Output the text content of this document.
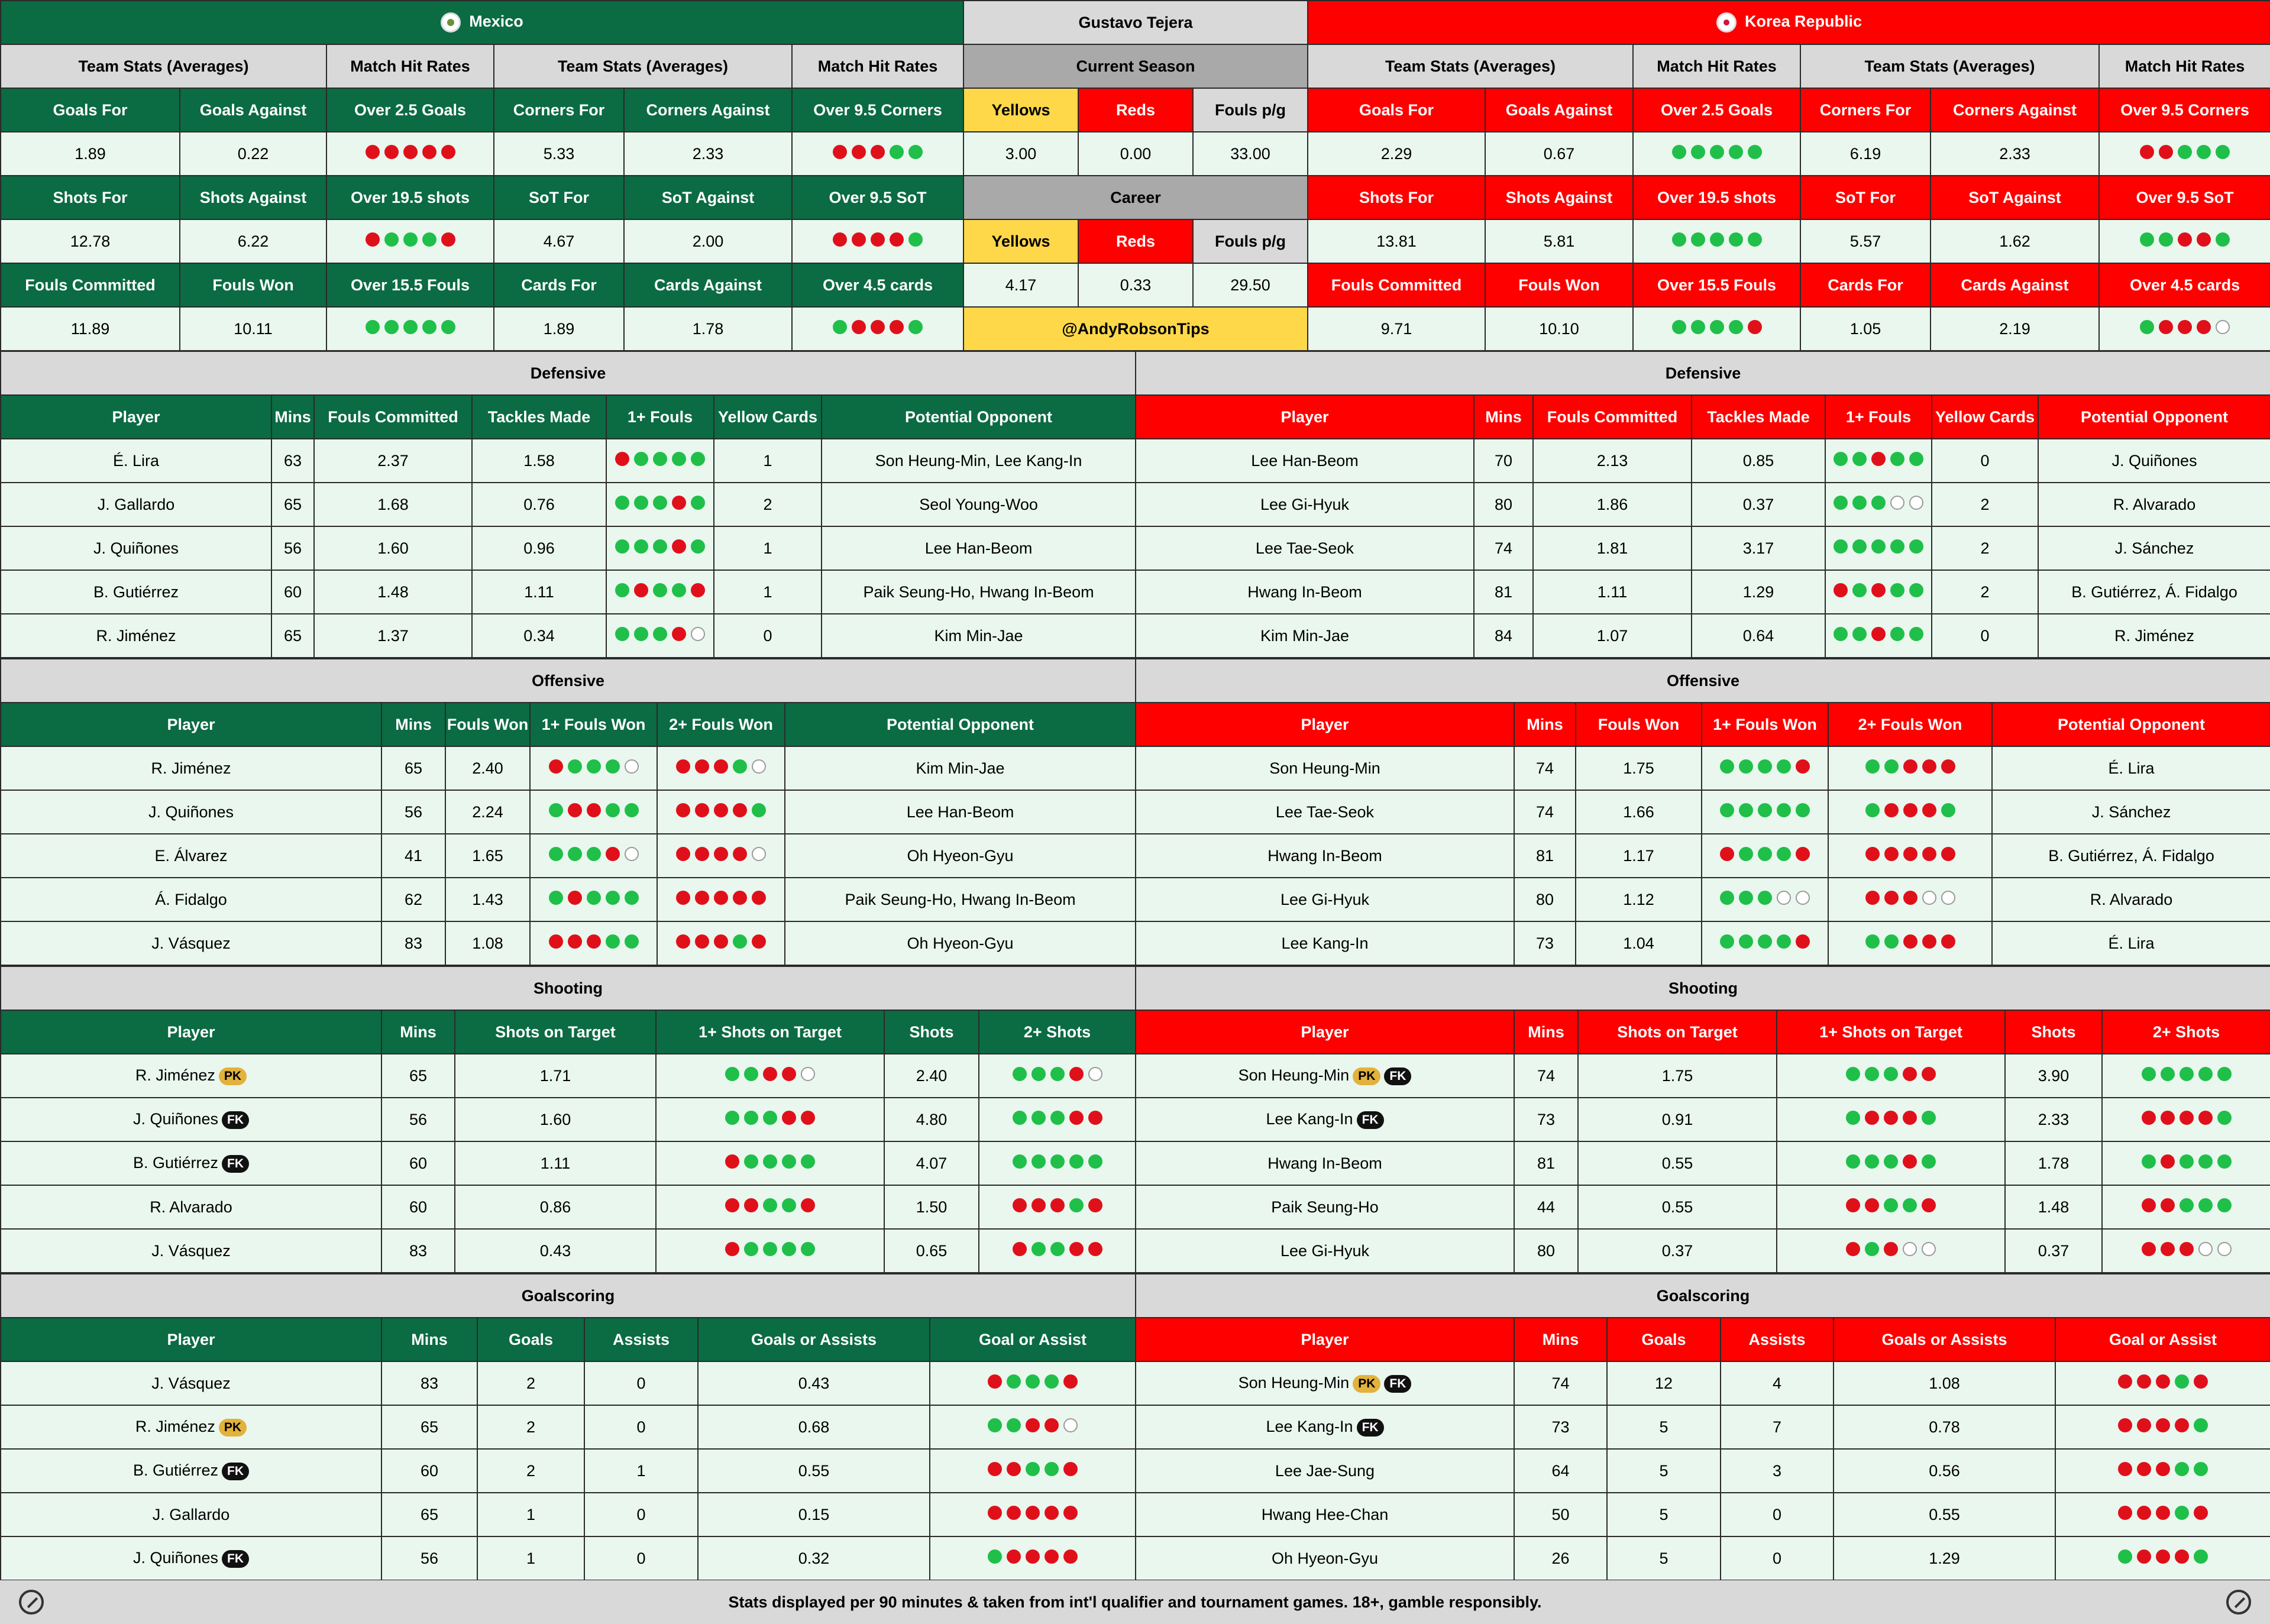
Mexico					
Team Stats (Averages)		Match Hit Rates	Team Stats (Averages)		Match Hit Rates
Goals For	Goals Against	Over 2.5 Goals	Corners For	Corners Against	Over 9.5 Corners
1.89	0.22		5.33	2.33	

Shots For	Shots Against	Over 19.5 shots	SoT For	SoT Against	Over 9.5 SoT
12.78	6.22		4.67	2.00	

Fouls Committed	Fouls Won	Over 15.5 Fouls	Cards For	Cards Against	Over 4.5 cards
11.89	10.11		1.89	1.78	
Gustavo Tejera		
Current Season		
Yellows	Reds	Fouls p/g
3.00	0.00	33.00
Career		
Yellows	Reds	Fouls p/g
4.17	0.33	29.50
@AndyRobsonTips		
Korea Republic					
Team Stats (Averages)		Match Hit Rates	Team Stats (Averages)		Match Hit Rates
Goals For	Goals Against	Over 2.5 Goals	Corners For	Corners Against	Over 9.5 Corners
2.29	0.67		6.19	2.33	

Shots For	Shots Against	Over 19.5 shots	SoT For	SoT Against	Over 9.5 SoT
13.81	5.81		5.57	1.62	

Fouls Committed	Fouls Won	Over 15.5 Fouls	Cards For	Cards Against	Over 4.5 cards
9.71	10.10		1.05	2.19	
Defensive						
Player	Mins	Fouls Committed	Tackles Made	1+ Fouls	Yellow Cards	Potential Opponent
É. Lira	63	2.37	1.58		1	Son Heung-Min, Lee Kang-In
J. Gallardo	65	1.68	0.76		2	Seol Young-Woo
J. Quiñones	56	1.60	0.96		1	Lee Han-Beom
B. Gutiérrez	60	1.48	1.11		1	Paik Seung-Ho, Hwang In-Beom
R. Jiménez	65	1.37	0.34		0	Kim Min-Jae
Defensive						
Player	Mins	Fouls Committed	Tackles Made	1+ Fouls	Yellow Cards	Potential Opponent
Lee Han-Beom	70	2.13	0.85		0	J. Quiñones
Lee Gi-Hyuk	80	1.86	0.37		2	R. Alvarado
Lee Tae-Seok	74	1.81	3.17		2	J. Sánchez
Hwang In-Beom	81	1.11	1.29		2	B. Gutiérrez, Á. Fidalgo
Kim Min-Jae	84	1.07	0.64		0	R. Jiménez
Offensive					
Player	Mins	Fouls Won	1+ Fouls Won	2+ Fouls Won	Potential Opponent
R. Jiménez	65	2.40			Kim Min-Jae
J. Quiñones	56	2.24			Lee Han-Beom
E. Álvarez	41	1.65			Oh Hyeon-Gyu
Á. Fidalgo	62	1.43			Paik Seung-Ho, Hwang In-Beom
J. Vásquez	83	1.08			Oh Hyeon-Gyu
Offensive					
Player	Mins	Fouls Won	1+ Fouls Won	2+ Fouls Won	Potential Opponent
Son Heung-Min	74	1.75			É. Lira
Lee Tae-Seok	74	1.66			J. Sánchez
Hwang In-Beom	81	1.17			B. Gutiérrez, Á. Fidalgo
Lee Gi-Hyuk	80	1.12			R. Alvarado
Lee Kang-In	73	1.04			É. Lira
Shooting					
Player	Mins	Shots on Target	1+ Shots on Target	Shots	2+ Shots
R. Jiménez PK	65	1.71		2.40	

J. Quiñones FK	56	1.60		4.80	

B. Gutiérrez FK	60	1.11		4.07	

R. Alvarado	60	0.86		1.50	

J. Vásquez	83	0.43		0.65	
Shooting					
Player	Mins	Shots on Target	1+ Shots on Target	Shots	2+ Shots
Son Heung-Min PK FK	74	1.75		3.90	

Lee Kang-In FK	73	0.91		2.33	

Hwang In-Beom	81	0.55		1.78	

Paik Seung-Ho	44	0.55		1.48	

Lee Gi-Hyuk	80	0.37		0.37	
Goalscoring					
Player	Mins	Goals	Assists	Goals or Assists	Goal or Assist
J. Vásquez	83	2	0	0.43	

R. Jiménez PK	65	2	0	0.68	

B. Gutiérrez FK	60	2	1	0.55	

J. Gallardo	65	1	0	0.15	

J. Quiñones FK	56	1	0	0.32	
Goalscoring					
Player	Mins	Goals	Assists	Goals or Assists	Goal or Assist
Son Heung-Min PK FK	74	12	4	1.08	

Lee Kang-In FK	73	5	7	0.78	

Lee Jae-Sung	64	5	3	0.56	

Hwang Hee-Chan	50	5	0	0.55	

Oh Hyeon-Gyu	26	5	0	1.29	
Stats displayed per 90 minutes & taken from int'l qualifier and tournament games. 18+, gamble responsibly.
